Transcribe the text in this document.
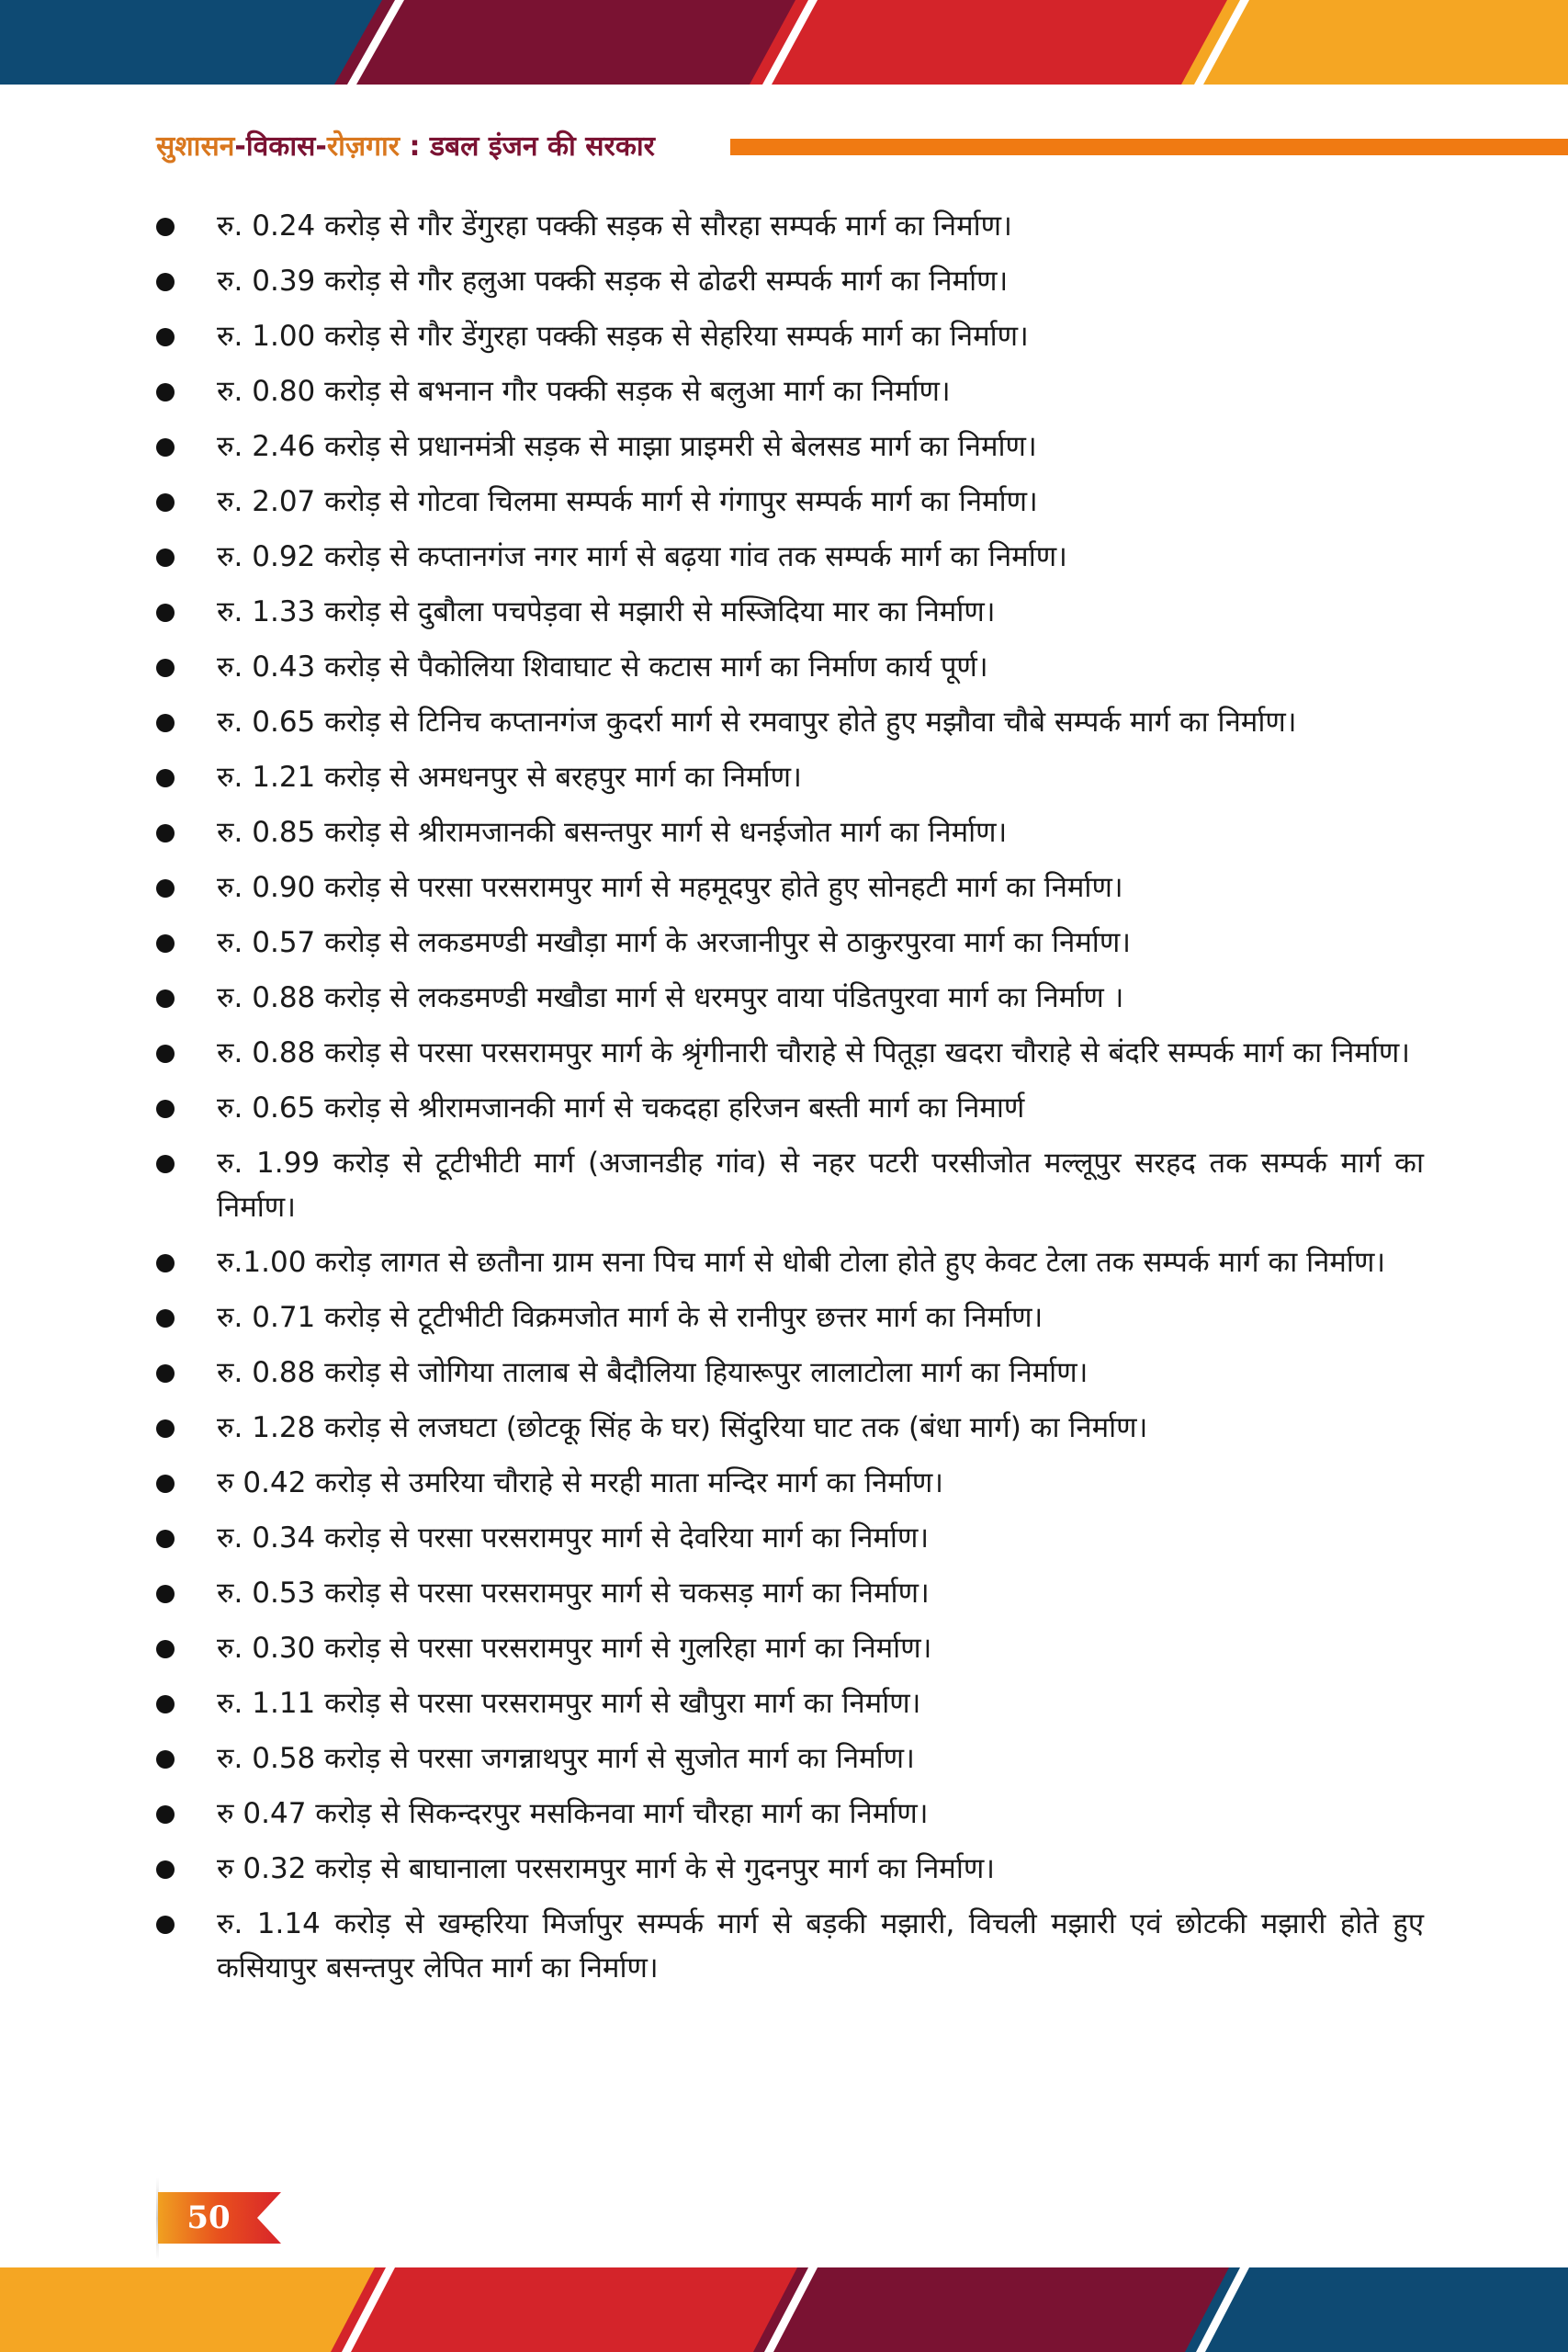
सुशासन-विकास-रोज़गार : डबल इंजन की सरकार
रु. 0.24 करोड़ से गौर डेंगुरहा पक्की सड़क से सौरहा सम्पर्क मार्ग का निर्माण।
रु. 0.39 करोड़ से गौर हलुआ पक्की सड़क से ढोढरी सम्पर्क मार्ग का निर्माण।
रु. 1.00 करोड़ से गौर डेंगुरहा पक्की सड़क से सेहरिया सम्पर्क मार्ग का निर्माण।
रु. 0.80 करोड़ से बभनान गौर पक्की सड़क से बलुआ मार्ग का निर्माण।
रु. 2.46 करोड़ से प्रधानमंत्री सड़क से माझा प्राइमरी से बेलसड मार्ग का निर्माण।
रु. 2.07 करोड़ से गोटवा चिलमा सम्पर्क मार्ग से गंगापुर सम्पर्क मार्ग का निर्माण।
रु. 0.92 करोड़ से कप्तानगंज नगर मार्ग से बढ़या गांव तक सम्पर्क मार्ग का निर्माण।
रु. 1.33 करोड़ से दुबौला पचपेड़वा से मझारी से मस्जिदिया मार का निर्माण।
रु. 0.43 करोड़ से पैकोलिया शिवाघाट से कटास मार्ग का निर्माण कार्य पूर्ण।
रु. 0.65 करोड़ से टिनिच कप्तानगंज कुदर्रा मार्ग से रमवापुर होते हुए मझौवा चौबे सम्पर्क मार्ग का निर्माण।
रु. 1.21 करोड़ से अमधनपुर से बरहपुर मार्ग का निर्माण।
रु. 0.85 करोड़ से श्रीरामजानकी बसन्तपुर मार्ग से धनईजोत मार्ग का निर्माण।
रु. 0.90 करोड़ से परसा परसरामपुर मार्ग से महमूदपुर होते हुए सोनहटी मार्ग का निर्माण।
रु. 0.57 करोड़ से लकडमण्डी मखौड़ा मार्ग के अरजानीपुर से ठाकुरपुरवा मार्ग का निर्माण।
रु. 0.88 करोड़ से लकडमण्डी मखौडा मार्ग से धरमपुर वाया पंडितपुरवा मार्ग का निर्माण ।
रु. 0.88 करोड़ से परसा परसरामपुर मार्ग के श्रृंगीनारी चौराहे से पितूड़ा खदरा चौराहे से बंदरि सम्पर्क मार्ग का निर्माण।
रु. 0.65 करोड़ से श्रीरामजानकी मार्ग से चकदहा हरिजन बस्ती मार्ग का निमार्ण
रु. 1.99 करोड़ से टूटीभीटी मार्ग (अजानडीह गांव) से नहर पटरी परसीजोत मल्लूपुर सरहद तक सम्पर्क मार्ग का निर्माण।
रु.1.00 करोड़ लागत से छतौना ग्राम सना पिच मार्ग से धोबी टोला होते हुए केवट टेला तक सम्पर्क मार्ग का निर्माण।
रु. 0.71 करोड़ से टूटीभीटी विक्रमजोत मार्ग के से रानीपुर छत्तर मार्ग का निर्माण।
रु. 0.88 करोड़ से जोगिया तालाब से बैदौलिया हियारूपुर लालाटोला मार्ग का निर्माण।
रु. 1.28 करोड़ से लजघटा (छोटकू सिंह के घर) सिंदुरिया घाट तक (बंधा मार्ग) का निर्माण।
रु 0.42 करोड़ से उमरिया चौराहे से मरही माता मन्दिर मार्ग का निर्माण।
रु. 0.34 करोड़ से परसा परसरामपुर मार्ग से देवरिया मार्ग का निर्माण।
रु. 0.53 करोड़ से परसा परसरामपुर मार्ग से चकसड़ मार्ग का निर्माण।
रु. 0.30 करोड़ से परसा परसरामपुर मार्ग से गुलरिहा मार्ग का निर्माण।
रु. 1.11 करोड़ से परसा परसरामपुर मार्ग से खौपुरा मार्ग का निर्माण।
रु. 0.58 करोड़ से परसा जगन्नाथपुर मार्ग से सुजोत मार्ग का निर्माण।
रु 0.47 करोड़ से सिकन्दरपुर मसकिनवा मार्ग चौरहा मार्ग का निर्माण।
रु 0.32 करोड़ से बाघानाला परसरामपुर मार्ग के से गुदनपुर मार्ग का निर्माण।
रु. 1.14 करोड़ से खम्हरिया मिर्जापुर सम्पर्क मार्ग से बड़की मझारी, विचली मझारी एवं छोटकी मझारी होते हुए कसियापुर बसन्तपुर लेपित मार्ग का निर्माण।
50
